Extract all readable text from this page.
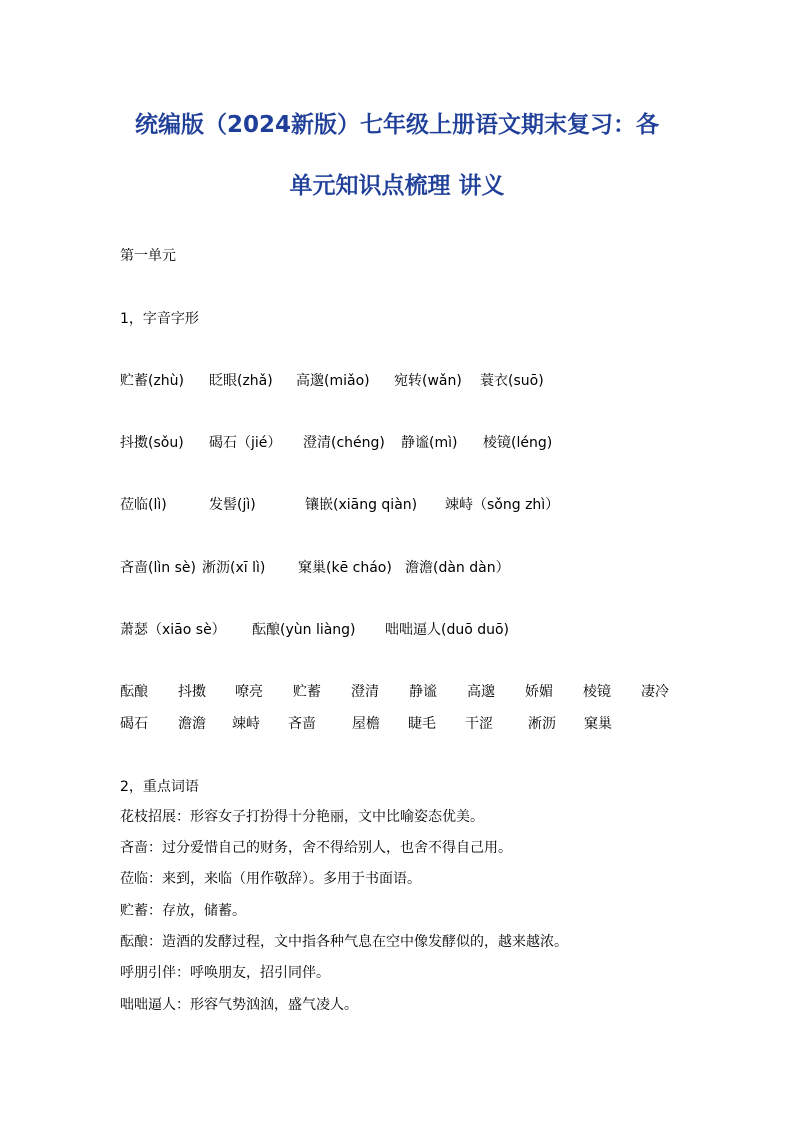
统编版（2024新版）七年级上册语文期末复习：各
单元知识点梳理 讲义
第一单元
1，字音字形
贮蓄(zhù) 眨眼(zhǎ) 高邈(miǎo) 宛转(wǎn) 蓑衣(suō)
抖擞(sǒu) 碣石（jié） 澄清(chéng) 静谧(mì) 棱镜(léng)
莅临(lì)	发髻(jì)	镶嵌(xiāng qiàn) 竦峙（sǒng zhì）
吝啬(lìn sè) 淅沥(xī lì) 窠巢(kē cháo) 澹澹(dàn dàn）
萧瑟（xiāo sè） 酝酿(yùn liàng) 咄咄逼人(duō duō)
酝酿 抖擞 嘹亮 贮蓄 澄清 静谧 高邈 娇媚 棱镜 凄冷
碣石 澹澹 竦峙 吝啬	屋檐 睫毛 干涩	淅沥 窠巢
2，重点词语
花枝招展：形容女子打扮得十分艳丽，文中比喻姿态优美。
吝啬：过分爱惜自己的财务，舍不得给别人，也舍不得自己用。
莅临：来到，来临（用作敬辞）。多用于书面语。
贮蓄：存放，储蓄。
酝酿：造酒的发酵过程，文中指各种气息在空中像发酵似的，越来越浓。
呼朋引伴：呼唤朋友，招引同伴。
咄咄逼人：形容气势汹汹，盛气凌人。
